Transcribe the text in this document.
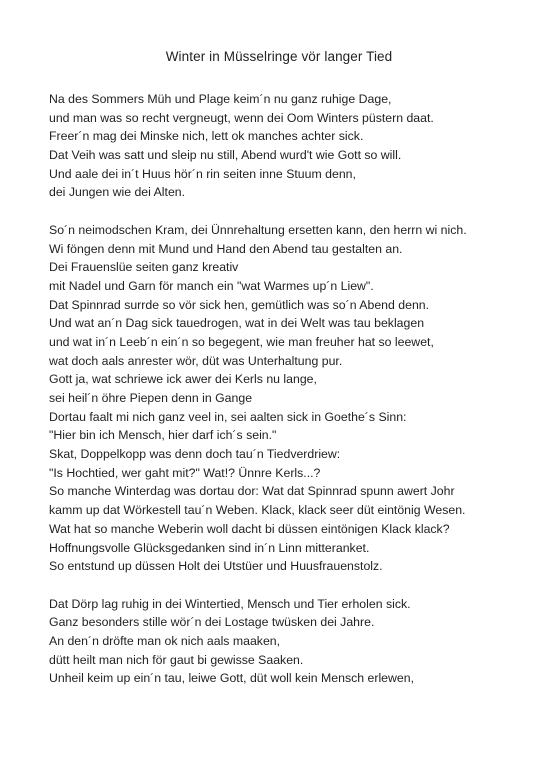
Winter in Müsselringe vör langer Tied
Na des Sommers Müh und Plage keim´n nu ganz ruhige Dage,
und man was so recht vergneugt, wenn dei Oom Winters püstern daat.
Freer´n mag dei Minske nich, lett ok manches achter sick.
Dat Veih was satt und sleip nu still, Abend wurd't wie Gott so will.
Und aale dei in´t Huus hör´n rin seiten inne Stuum denn,
dei Jungen wie dei Alten.
So´n neimodschen Kram, dei Ünnrehaltung ersetten kann, den herrn wi nich.
Wi föngen denn mit Mund und Hand den Abend tau gestalten an.
Dei Frauenslüe seiten ganz kreativ
mit Nadel und Garn för manch ein "wat Warmes up´n Liew".
Dat Spinnrad surrde so vör sick hen, gemütlich was so´n Abend denn.
Und wat an´n Dag sick tauedrogen, wat in dei Welt was tau beklagen
und wat in´n Leeb´n ein´n so begegent, wie man freuher hat so leewet,
wat doch aals anrester wör, düt was Unterhaltung pur.
Gott ja, wat schriewe ick awer dei Kerls nu lange,
sei heil´n öhre Piepen denn in Gange
Dortau faalt mi nich ganz veel in, sei aalten sick in Goethe´s Sinn:
"Hier bin ich Mensch, hier darf ich´s sein."
Skat, Doppelkopp was denn doch tau´n Tiedverdriew:
"Is Hochtied, wer gaht mit?" Wat!? Ünnre Kerls...?
So manche Winterdag was dortau dor: Wat dat Spinnrad spunn awert Johr
kamm up dat Wörkestell tau´n Weben. Klack, klack seer düt eintönig Wesen.
Wat hat so manche Weberin woll dacht bi düssen eintönigen Klack klack?
Hoffnungsvolle Glücksgedanken sind in´n Linn mitteranket.
So entstund up düssen Holt dei Utstüer und Huusfrauenstolz.
Dat Dörp lag ruhig in dei Wintertied, Mensch und Tier erholen sick.
Ganz besonders stille wör´n dei Lostage twüsken dei Jahre.
An den´n dröfte man ok nich aals maaken,
dütt heilt man nich för gaut bi gewisse Saaken.
Unheil keim up ein´n tau, leiwe Gott, düt woll kein Mensch erlewen,
